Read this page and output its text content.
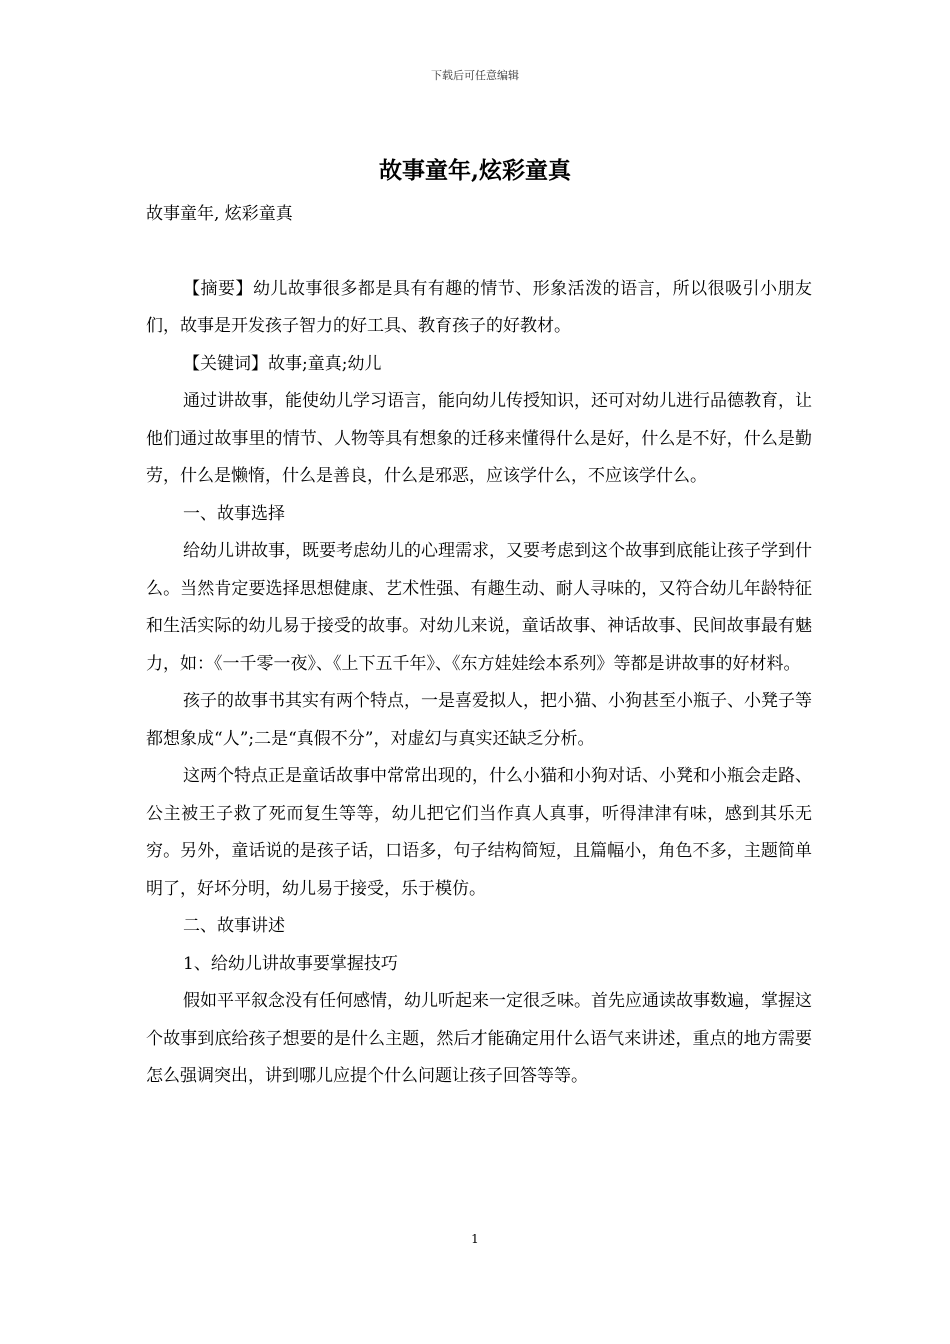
下载后可任意编辑
故事童年,炫彩童真

故事童年, 炫彩童真

【摘要】幼儿故事很多都是具有有趣的情节、形象活泼的语言，所以很吸引小朋友们，故事是开发孩子智力的好工具、教育孩子的好教材。

【关键词】故事;童真;幼儿

通过讲故事，能使幼儿学习语言，能向幼儿传授知识，还可对幼儿进行品德教育，让他们通过故事里的情节、人物等具有想象的迁移来懂得什么是好，什么是不好，什么是勤劳，什么是懒惰，什么是善良，什么是邪恶，应该学什么，不应该学什么。

一、故事选择

给幼儿讲故事，既要考虑幼儿的心理需求，又要考虑到这个故事到底能让孩子学到什么。当然肯定要选择思想健康、艺术性强、有趣生动、耐人寻味的，又符合幼儿年龄特征和生活实际的幼儿易于接受的故事。对幼儿来说，童话故事、神话故事、民间故事最有魅力，如：《一千零一夜》、《上下五千年》、《东方娃娃绘本系列》等都是讲故事的好材料。

孩子的故事书其实有两个特点，一是喜爱拟人，把小猫、小狗甚至小瓶子、小凳子等都想象成“人”;二是“真假不分”，对虚幻与真实还缺乏分析。

这两个特点正是童话故事中常常出现的，什么小猫和小狗对话、小凳和小瓶会走路、公主被王子救了死而复生等等，幼儿把它们当作真人真事，听得津津有味，感到其乐无穷。另外，童话说的是孩子话，口语多，句子结构简短，且篇幅小，角色不多，主题简单明了，好坏分明，幼儿易于接受，乐于模仿。

二、故事讲述

1、给幼儿讲故事要掌握技巧

假如平平叙念没有任何感情，幼儿听起来一定很乏味。首先应通读故事数遍，掌握这个故事到底给孩子想要的是什么主题，然后才能确定用什么语气来讲述，重点的地方需要怎么强调突出，讲到哪儿应提个什么问题让孩子回答等等。

1
